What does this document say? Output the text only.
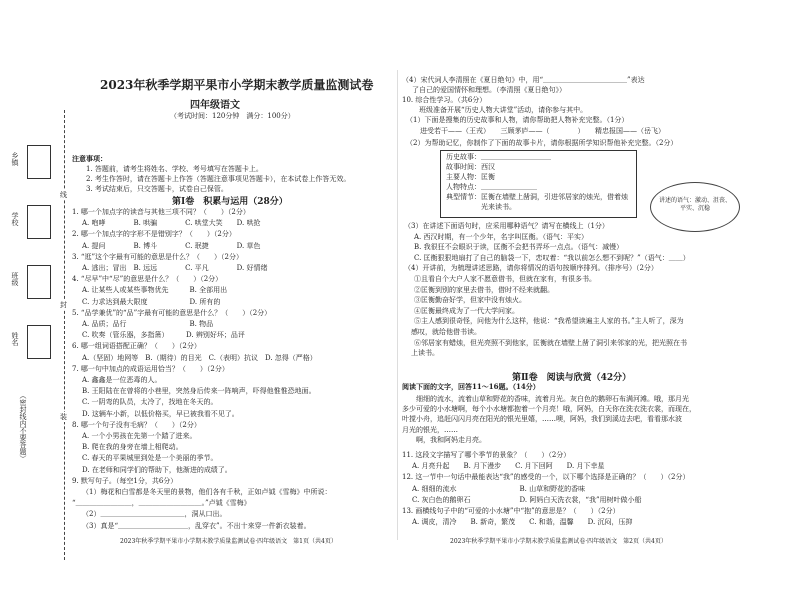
乡镇
学校
班级
姓名
（密封线内不要答题）
线
封
装
2023年秋季学期平果市小学期末教学质量监测试卷
四年级语文
（考试时间：120分钟　满分：100分）
注意事项：
1. 答题前，请考生将姓名、学校、考号填写在答题卡上。
2. 考生作答时，请在答题卡上作答（答题注意事项见答题卡），在本试卷上作答无效。
3. 考试结束后，只交答题卡，试卷自己保管。
第Ⅰ卷　积累与运用（28分）
1. 哪一个加点字的读音与其他三项不同？（　　）（2分）
A. 咆哮　　　　B. 哄骗　　　　C. 哄堂大笑　　D. 哄抢
2. 哪一个加点字的字形不是错别字？（　　）（2分）
A. 提问　　　　B. 博斗　　　　C. 珉捷　　　　D. 草色
3. “逛”这个字最有可能的意思是什么？（　　）（2分）
A. 逃出；冒出　B. 远远　　　　C. 平凡　　　　D. 好情绪
4. “尽早”中“尽”的意思是什么？（　　）（2分）
A. 让某些人或某些事物优先　　　B. 全部用出
C. 力求达到最大限度　　　　　　D. 所有的
5. “品学兼优”的“品”字最有可能的意思是什么？（　　）（2分）
A. 品质；品行　　　　　　　　　B. 物品
C. 吹奏（管乐器，多指箫）　　　D. 辨别好坏；品评
6. 哪一组词语搭配正确？（　　）（2分）
A.（坚固）地网等　B.（期待）的目光　C.（表明）抗议　D. 忽得（严格）
7. 哪一句中加点的成语运用恰当？（　　）（2分）
A. 鑫鑫是一位恶毒的人。
B. 王阳陆在在曾将的小巷里，突然身后传来一阵响声，吓得他惟惟恐地面。
C. 一阴弯的队员，太冷了，找地在冬天的。
D. 这辆车小新，以低价格买，早已被我看不见了。
8. 哪一个句子没有毛病？（　　）（2分）
A. 一个小男孩在先第一个踏了进来。
B. 爬在我的身旁在墙上相爬动。
C. 春天的平果城里到处是一个美丽的季节。
D. 在老师和同学们的帮助下，他渐进的成绩了。
9. 默写句子。（每空1分，共6分）
（1）梅花和白雪都是冬天里的景物，他们各有千秋，正如卢钺《雪梅》中所说：
“＿＿＿＿＿＿＿＿，＿＿＿＿＿＿＿＿＿。”卢钺《雪梅》
（2）＿＿＿＿＿＿＿＿＿＿＿＿，洞从口出。
（3）真是“＿＿＿＿＿＿＿＿＿＿，乱穿衣”。不出十来穿一件新衣装着。
2023年秋季学期平果市小学期末教学质量监测试卷·四年级语文　第1页（共4页）
（4）宋代词人李清照在《夏日绝句》中，用“＿＿＿＿＿＿＿＿＿＿＿＿”表达
了自己的爱国情怀和理想。（李清照《夏日绝句》）
10. 综合性学习。（共6分）
　班级准备开展“历史人物大讲堂”活动，请你参与其中。
（1）下面是搜集的历史故事和人物，请你帮助把人物补充完整。（1分）
进受若干——（王戎）　　三顾茅庐——（　　　　）　　精忠报国——（岳飞）
（2）为帮助记忆，你制作了下面的故事卡片，请你根据所学知识帮他补充完整。（2分）
历史故事：＿＿＿＿＿＿＿＿＿＿
故事时间：西汉
主要人物：匡衡
人物特点：＿＿＿＿＿＿＿＿
典型情节：匡衡在墙壁上凿洞，引进邻居家的烛光，借着烛
　　　　　光来读书。
讲述的语气：激动、沮丧、平实、沉稳
（3）在讲述下面语句时，应采用哪种语气？请写在横线上（1分）
A. 西汉时期，有一个少年，名字叫匡衡。（语气：平实）
B. 我很狂不会眼识于读，匡衡不会把书弄坏一点点。（语气：减慢）
C. 匡衡狠狠地扇打了自己的脑袋一下，恋叹着：“我以前怎么想不到呢？”（语气：＿＿）
（4）开讲前，为梳理讲述思路，请你将情况的语句按顺序排列。（排序号）（2分）
①且看自个大户人家不愿意借书，但就在家有，有很多书。
②匡衡到别的家里去借书，借时不经来就翻。
③匡衡勤奋好学，但家中没有烛火。
④匡衡最终成为了一代大学问家。
⑤主人感到很奇怪，问他为什么这样，他说：“我希望读遍主人家的书。”主人听了，深为
　感叹，就给他借书读。
⑥邻居家有蜡烛，但光亮照不到他家，匡衡就在墙壁上凿了洞引来邻家的光，把光照在书
　上读书。
第Ⅱ卷　阅读与欣赏（42分）
阅读下面的文字，回答11～16题。（14分）
　　细细的流水，流着山草和野花的香味，流着月光。灰白色的鹅卵石布满河滩。哦，那月光
多少可爱的小水塘啊，每个小水塘都抱着一个月亮！哦，阿妈，白天你在洗衣洗衣裳，而现在，
叶搅小舟，追赶闪闪月亮在阳光的银光里嬉，……噢，阿妈，我们到溪边去吧，看看那水波
月光的银光，……
　　啊，我和阿妈走月亮。
11. 这段文字描写了哪个季节的景象？（　　）（2分）
A. 月亮升起　　B. 月下漫步　　C. 月下回阿　　D. 月下幸星
12. 这一节中一句话中最能表达“我”的感受的一个，以下哪个选择是正确的？（　　）（2分）
A. 细细的流水　　　　　　　　　B. 山草和野花的香味
C. 灰白色的鹅卵石　　　　　　　D. 阿妈白天洗衣裳，“我”用树叶做小船
13. 画横线句子中的“可爱的小水塘”中“抱”的意思是？（　　）（2分）
A. 调皮，清冷　　B. 新奇，繁茂　　C. 和谐，温馨　　D. 沉闷，压抑
2023年秋季学期平果市小学期末教学质量监测试卷·四年级语文　第2页（共4页）
